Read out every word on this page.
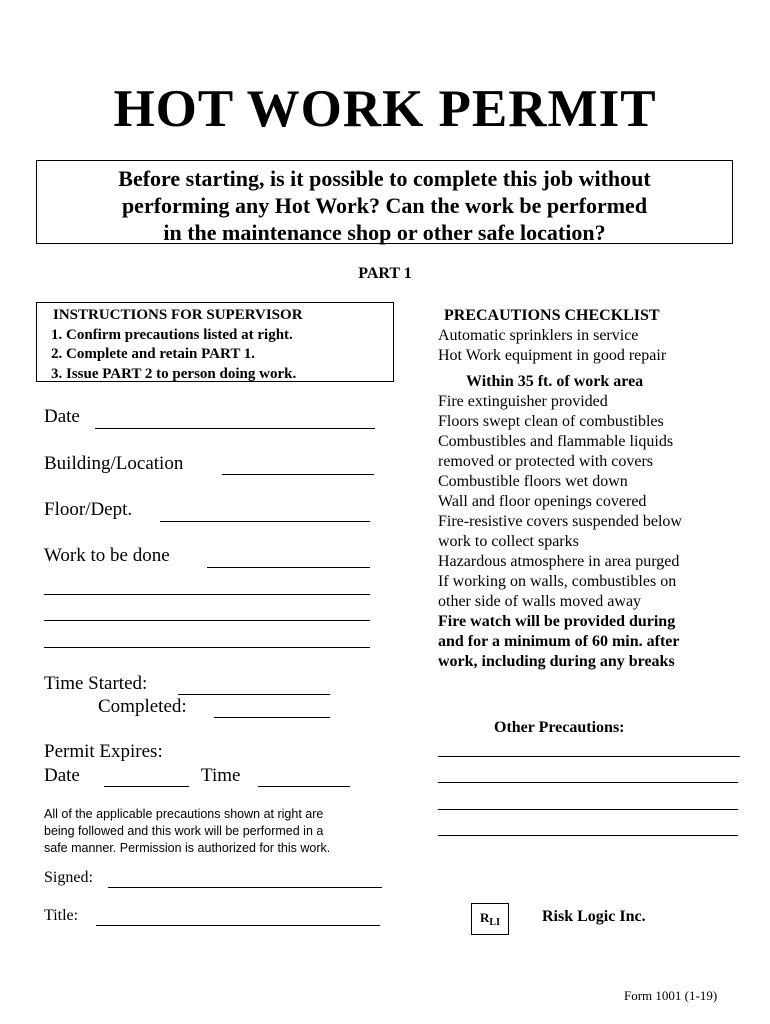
HOT WORK PERMIT
Before starting, is it possible to complete this job without
performing any Hot Work? Can the work be performed
in the maintenance shop or other safe location?
PART 1
INSTRUCTIONS FOR SUPERVISOR
1. Confirm precautions listed at right.
2. Complete and retain PART 1.
3. Issue PART 2 to person doing work.
Date
Building/Location
Floor/Dept.
Work to be done
Time Started:
Completed:
Permit Expires:
Date	Time
All of the applicable precautions shown at right are
being followed and this work will be performed in a
safe manner. Permission is authorized for this work.
Signed:
Title:
PRECAUTIONS CHECKLIST
Automatic sprinklers in service
Hot Work equipment in good repair
Within 35 ft. of work area
Fire extinguisher provided
Floors swept clean of combustibles
Combustibles and flammable liquids
removed or protected with covers
Combustible floors wet down
Wall and floor openings covered
Fire-resistive covers suspended below
work to collect sparks
Hazardous atmosphere in area purged
If working on walls, combustibles on
other side of walls moved away
Fire watch will be provided during
and for a minimum of 60 min. after
work, including during any breaks
Other Precautions:
$R_{LI}$	Risk Logic Inc.
Form 1001 (1-19)
